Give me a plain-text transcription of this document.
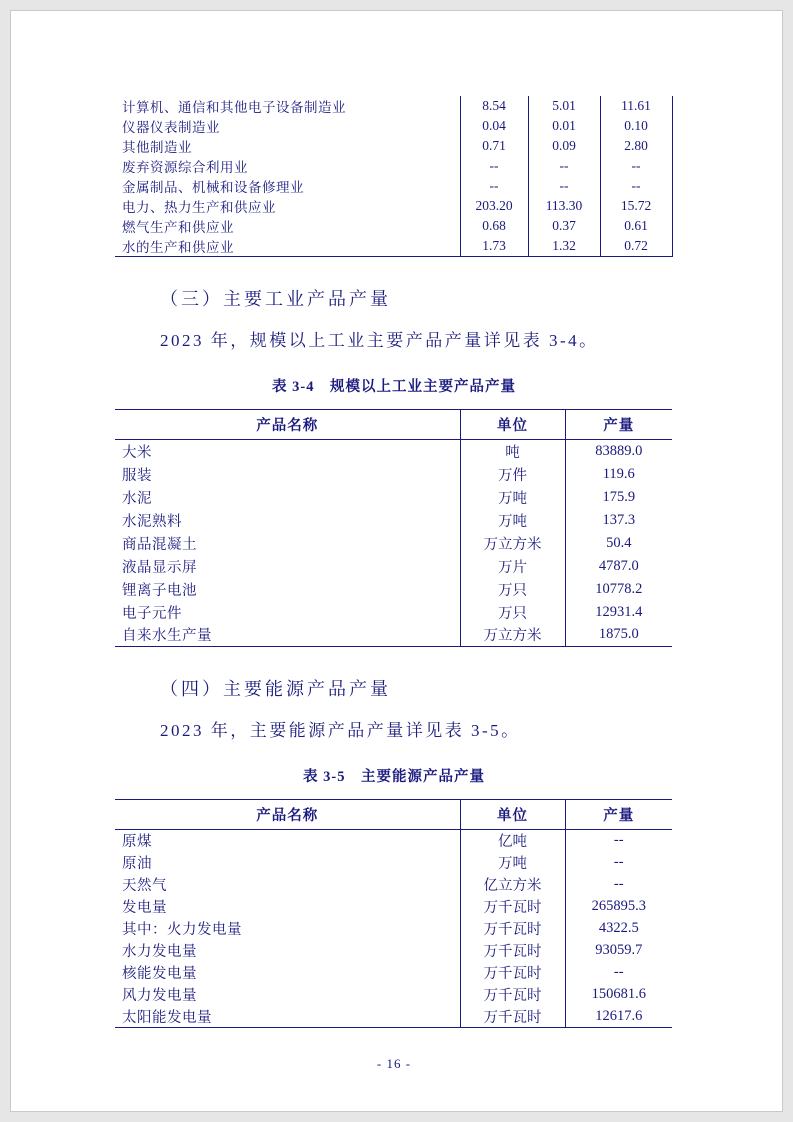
计算机、通信和其他电子设备制造业	8.54	5.01	11.61
仪器仪表制造业	0.04	0.01	0.10
其他制造业	0.71	0.09	2.80
废弃资源综合利用业	--	--	--
金属制品、机械和设备修理业	--	--	--
电力、热力生产和供应业	203.20	113.30	15.72
燃气生产和供应业	0.68	0.37	0.61
水的生产和供应业	1.73	1.32	0.72
（三）主要工业产品产量

2023 年，规模以上工业主要产品产量详见表 3-4。

表 3-4　规模以上工业主要产品产量
产品名称	单位	产量
大米	吨	83889.0
服装	万件	119.6
水泥	万吨	175.9
水泥熟料	万吨	137.3
商品混凝土	万立方米	50.4
液晶显示屏	万片	4787.0
锂离子电池	万只	10778.2
电子元件	万只	12931.4
自来水生产量	万立方米	1875.0
（四）主要能源产品产量

2023 年，主要能源产品产量详见表 3-5。

表 3-5　主要能源产品产量
产品名称	单位	产量
原煤	亿吨	--
原油	万吨	--
天然气	亿立方米	--
发电量	万千瓦时	265895.3
其中：火力发电量	万千瓦时	4322.5
水力发电量	万千瓦时	93059.7
核能发电量	万千瓦时	--
风力发电量	万千瓦时	150681.6
太阳能发电量	万千瓦时	12617.6
- 16 -
